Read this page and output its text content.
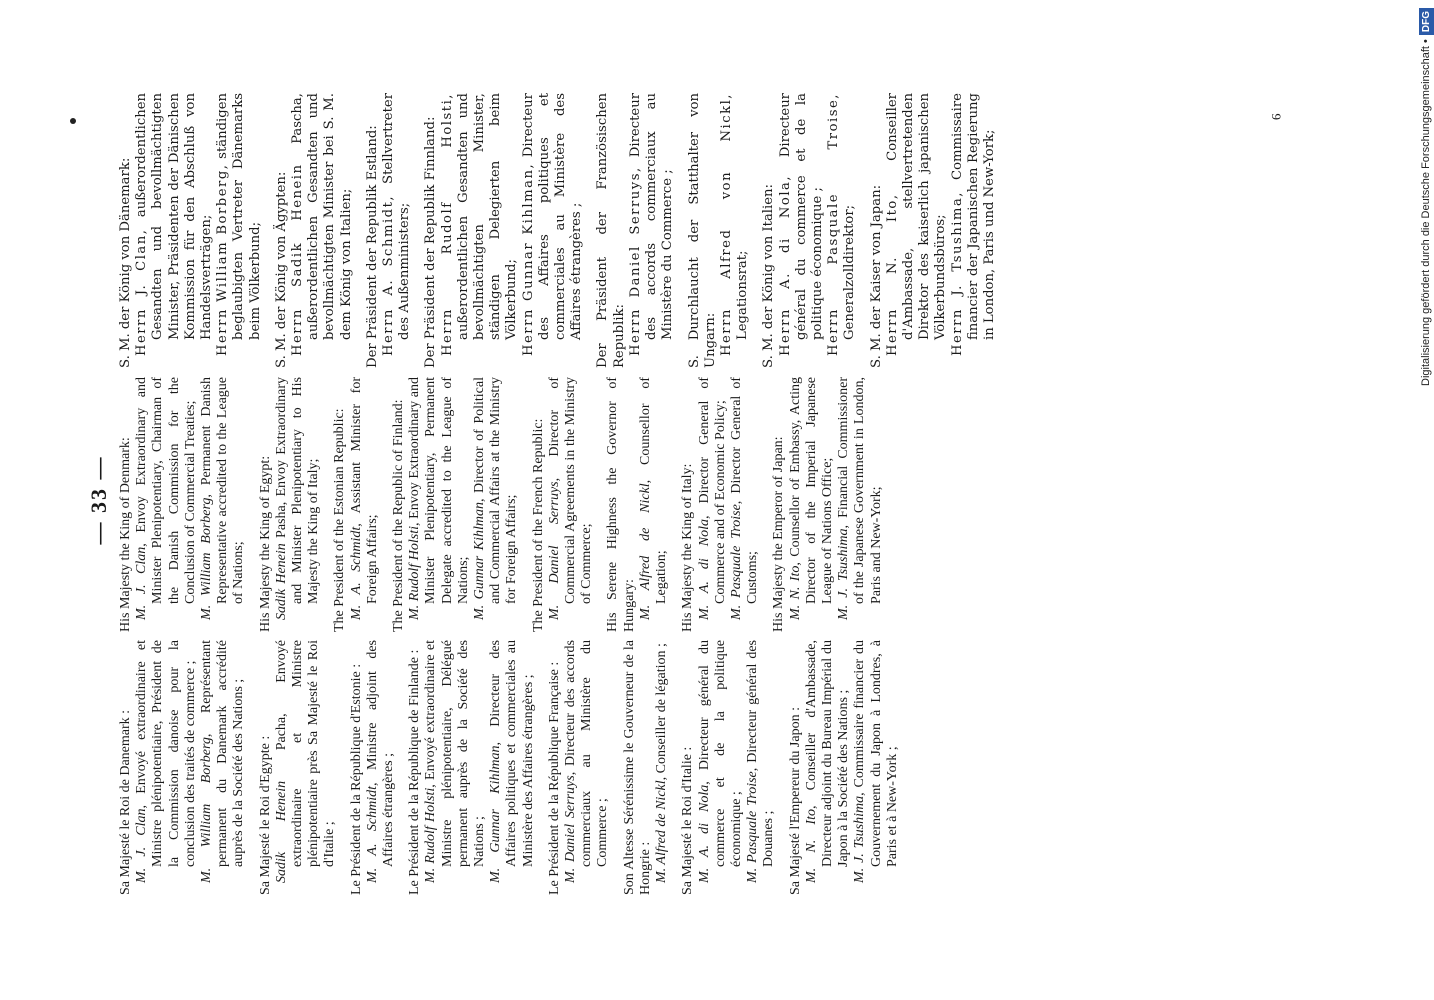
— 33 —
Sa Majesté le Roi de Danemark : M. J. Clan, Envoyé extraordinaire et Ministre plénipotentiaire, Président de la Commission danoise pour la conclusion des traités de commerce ; M. William Borberg, Représentant permanent du Danemark accrédité auprès de la Société des Nations ; Sa Majesté le Roi d'Egypte : Sadik Henein Pacha, Envoyé extraordinaire et Ministre plénipotentiaire près Sa Majesté le Roi d'Italie ; Le Président de la République d'Estonie : M. A. Schmidt, Ministre adjoint des Affaires étrangères ; Le Président de la République de Finlande : M. Rudolf Holsti, Envoyé extraordinaire et Ministre plénipotentiaire, Délégué permanent auprès de la Société des Nations ; M. Gunnar Kihlman, Directeur des Affaires politiques et commerciales au Ministère des Affaires étrangères ; Le Président de la République Française : M. Daniel Serruys, Directeur des accords commerciaux au Ministère du Commerce ; Son Altesse Sérénissime le Gouverneur de la Hongrie : M. Alfred de Nickl, Conseiller de légation ;
Sa Majesté le Roi d'Italie : M. A. di Nola, Directeur général du commerce et de la politique économique ; M. Pasquale Troise, Directeur général des Douanes ; Sa Majesté l'Empereur du Japon : M. N. Ito, Conseiller d'Ambassade, Directeur adjoint du Bureau Impérial du Japon à la Société des Nations ; M. J. Tsushima, Commissaire financier du Gouvernement du Japon à Londres, à Paris et à New-York ;
His Majesty the King of Denmark: M. J. Clan, Envoy Extraordinary and Minister Plenipotentiary, Chairman of the Danish Commission for the Conclusion of Commercial Treaties; M. William Borberg, Permanent Danish Representative accredited to the League of Nations; His Majesty the King of Egypt: Sadik Henein Pasha, Envoy Extraordinary and Minister Plenipotentiary to His Majesty the King of Italy; The President of the Estonian Republic: M. A. Schmidt, Assistant Minister for Foreign Affairs; The President of the Republic of Finland: M. Rudolf Holsti, Envoy Extraordinary and Minister Plenipotentiary, Permanent Delegate accredited to the League of Nations; M. Gunnar Kihlman, Director of Political and Commercial Affairs at the Ministry for Foreign Affairs; The President of the French Republic: M. Daniel Serruys, Director of Commercial Agreements in the Ministry of Commerce; His Serene Highness the Governor of Hungary: M. Alfred de Nickl, Counsellor of Legation; His Majesty the King of Italy: M. A. di Nola, Director General of Commerce and of Economic Policy; M. Pasquale Troise, Director General of Customs; His Majesty the Emperor of Japan: M. N. Ito, Counsellor of Embassy, Acting Director of the Imperial Japanese League of Nations Office; M. J. Tsushima, Financial Commissioner of the Japanese Government in London, Paris and New-York;
S. M. der König von Dänemark: Herrn J. Clan, außerordentlichen Gesandten und bevollmächtigten Minister, Präsidenten der Dänischen Kommission für den Abschluß von Handelsverträgen; Herrn William Borberg, ständigen beglaubigten Vertreter Dänemarks beim Völkerbund; S. M. der König von Ägypten: Herrn Sadik Henein Pascha, außerordentlichen Gesandten und bevollmächtigten Minister bei S. M. dem König von Italien; Der Präsident der Republik Estland: Herrn A. Schmidt, Stellvertreter des Außenministers; Der Präsident der Republik Finnland: Herrn Rudolf Holsti, außerordentlichen Gesandten und bevollmächtigten Minister, ständigen Delegierten beim Völkerbund; Herrn Gunnar Kihlman, Directeur des Affaires politiques et commerciales au Ministère des Affaires étrangères ; Der Präsident der Französischen Republik: Herrn Daniel Serruys, Directeur des accords commerciaux au Ministère du Commerce ; S. Durchlaucht der Statthalter von Ungarn: Herrn Alfred von Nickl, Legationsrat; S. M. der König von Italien: Herrn A. di Nola, Directeur général du commerce et de la politique économique ; Herrn Pasquale Troise, Generalzolldirektor; S. M. der Kaiser von Japan: Herrn N. Ito, Conseiller d'Ambassade, stellvertretenden Direktor des kaiserlich japanischen Völkerbundsbüros; Herrn J. Tsushima, Commissaire financier der Japanischen Regierung in London, Paris und New-York;
9	Digitalisierung gefördert durch die Deutsche Forschungsgemeinschaft •DFG
